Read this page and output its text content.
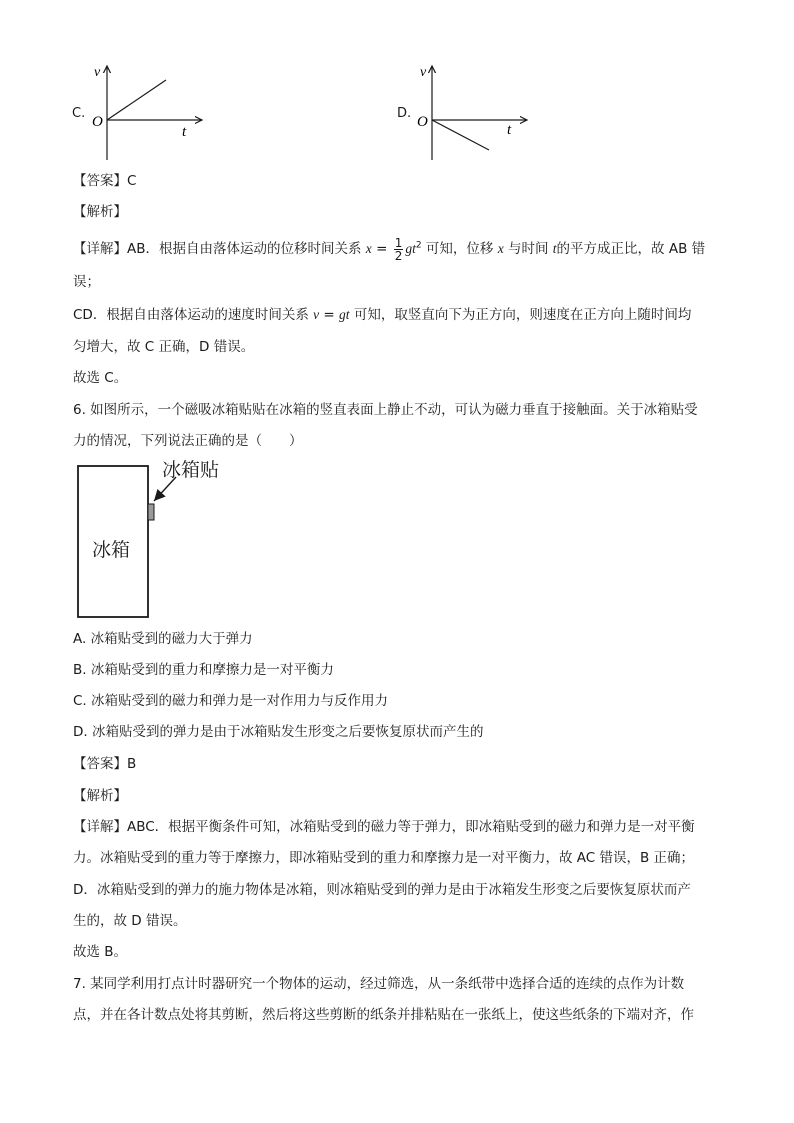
C.
v
O
t
D.
v
O	t
【答案】C
【解析】
【详解】AB．根据自由落体运动的位移时间关系 $x = \frac{1}{2} gt^2$ 可知，位移 x 与时间 t的平方成正比，故 AB 错
误；
CD．根据自由落体运动的速度时间关系 v = gt 可知，取竖直向下为正方向，则速度在正方向上随时间均
匀增大，故 C 正确，D 错误。
故选 C。
6. 如图所示，一个磁吸冰箱贴贴在冰箱的竖直表面上静止不动，可认为磁力垂直于接触面。关于冰箱贴受
力的情况，下列说法正确的是（　　）
冰箱
冰箱贴
A. 冰箱贴受到的磁力大于弹力
B. 冰箱贴受到的重力和摩擦力是一对平衡力
C. 冰箱贴受到的磁力和弹力是一对作用力与反作用力
D. 冰箱贴受到的弹力是由于冰箱贴发生形变之后要恢复原状而产生的
【答案】B
【解析】
【详解】ABC．根据平衡条件可知，冰箱贴受到的磁力等于弹力，即冰箱贴受到的磁力和弹力是一对平衡
力。冰箱贴受到的重力等于摩擦力，即冰箱贴受到的重力和摩擦力是一对平衡力，故 AC 错误，B 正确；
D．冰箱贴受到的弹力的施力物体是冰箱，则冰箱贴受到的弹力是由于冰箱发生形变之后要恢复原状而产
生的，故 D 错误。
故选 B。
7. 某同学利用打点计时器研究一个物体的运动，经过筛选，从一条纸带中选择合适的连续的点作为计数
点，并在各计数点处将其剪断，然后将这些剪断的纸条并排粘贴在一张纸上，使这些纸条的下端对齐，作
